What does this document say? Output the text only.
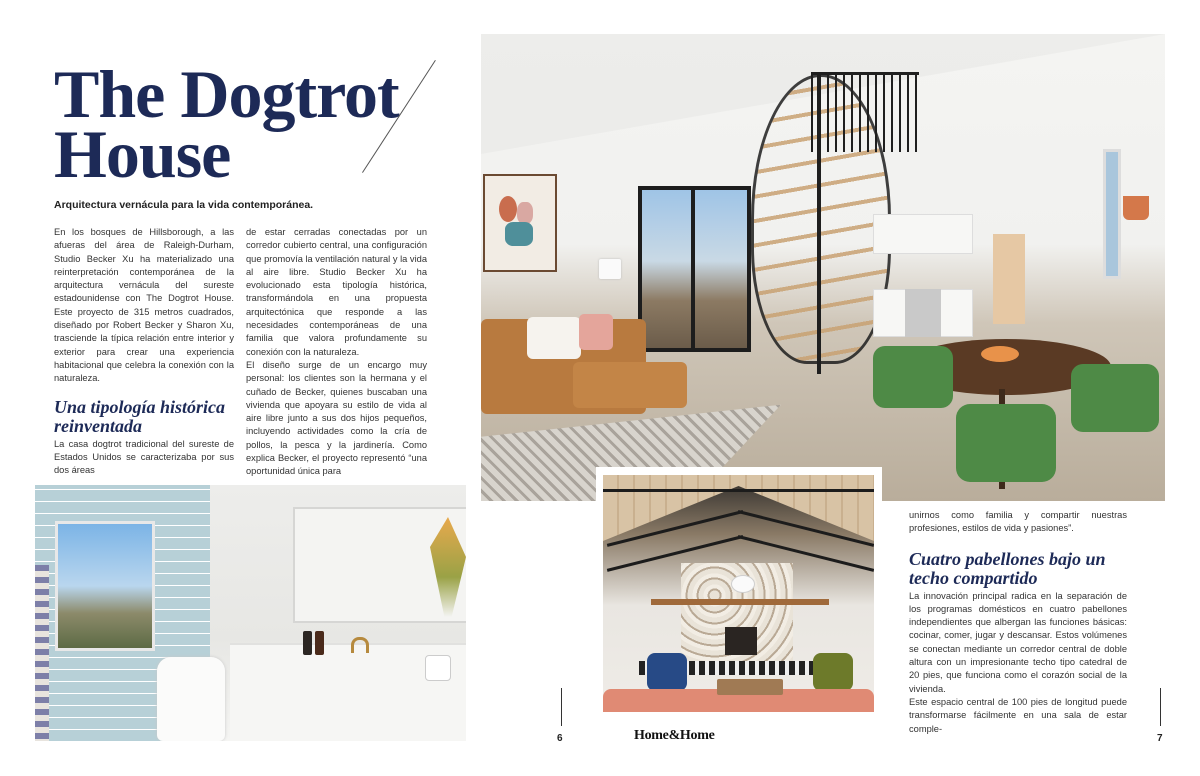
The Dogtrot
House
Arquitectura vernácula para la vida contemporánea.

En los bosques de Hillsborough, a las afueras del área de Raleigh-Durham, Studio Becker Xu ha materializado una reinterpretación contemporánea de la arquitectura vernácula del sureste estadounidense con The Dogtrot House. Este proyecto de 315 metros cuadrados, diseñado por Robert Becker y Sharon Xu, trasciende la típica relación entre interior y exterior para crear una experiencia habitacional que celebra la conexión con la naturaleza.

Una tipología histórica reinventada

La casa dogtrot tradicional del sureste de Estados Unidos se caracterizaba por sus dos áreas

de estar cerradas conectadas por un corredor cubierto central, una configuración que promovía la ventilación natural y la vida al aire libre. Studio Becker Xu ha evolucionado esta tipología histórica, transformándola en una propuesta arquitectónica que responde a las necesidades contemporáneas de una familia que valora profundamente su conexión con la naturaleza.

El diseño surge de un encargo muy personal: los clientes son la hermana y el cuñado de Becker, quienes buscaban una vivienda que apoyara su estilo de vida al aire libre junto a sus dos hijos pequeños, incluyendo actividades como la cría de pollos, la pesca y la jardinería. Como explica Becker, el proyecto representó “una oportunidad única para

unirnos como familia y compartir nuestras profesiones, estilos de vida y pasiones”.

Cuatro pabellones bajo un techo compartido

La innovación principal radica en la separación de los programas domésticos en cuatro pabellones independientes que albergan las funciones básicas: cocinar, comer, jugar y descansar. Estos volúmenes se conectan mediante un corredor central de doble altura con un impresionante techo tipo catedral de 20 pies, que funciona como el corazón social de la vivienda.

Este espacio central de 100 pies de longitud puede transformarse fácilmente en una sala de estar comple-

6	Home&Home	7
